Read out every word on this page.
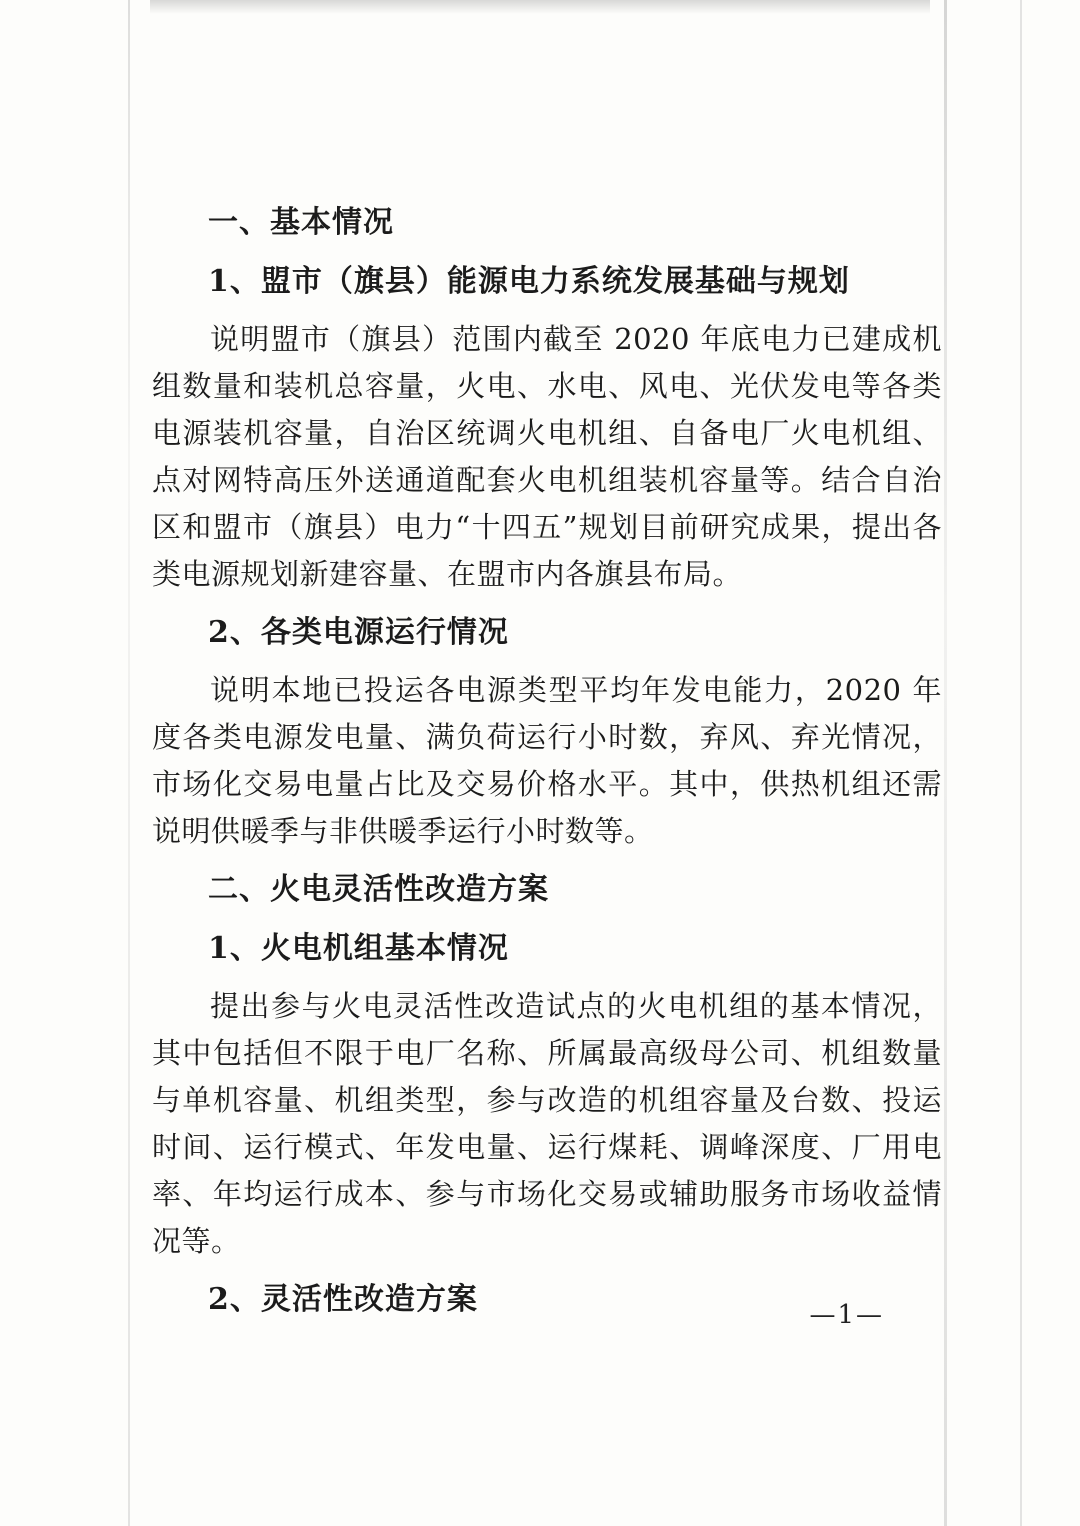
一、基本情况
1、盟市（旗县）能源电力系统发展基础与规划

说明盟市（旗县）范围内截至 2020 年底电力已建成机组数量和装机总容量，火电、水电、风电、光伏发电等各类电源装机容量，自治区统调火电机组、自备电厂火电机组、点对网特高压外送通道配套火电机组装机容量等。结合自治区和盟市（旗县）电力“十四五”规划目前研究成果，提出各类电源规划新建容量、在盟市内各旗县布局。

2、各类电源运行情况

说明本地已投运各电源类型平均年发电能力，2020 年度各类电源发电量、满负荷运行小时数，弃风、弃光情况，市场化交易电量占比及交易价格水平。其中，供热机组还需说明供暖季与非供暖季运行小时数等。

二、火电灵活性改造方案
1、火电机组基本情况

提出参与火电灵活性改造试点的火电机组的基本情况，其中包括但不限于电厂名称、所属最高级母公司、机组数量与单机容量、机组类型，参与改造的机组容量及台数、投运时间、运行模式、年发电量、运行煤耗、调峰深度、厂用电率、年均运行成本、参与市场化交易或辅助服务市场收益情况等。

2、灵活性改造方案	—1—
